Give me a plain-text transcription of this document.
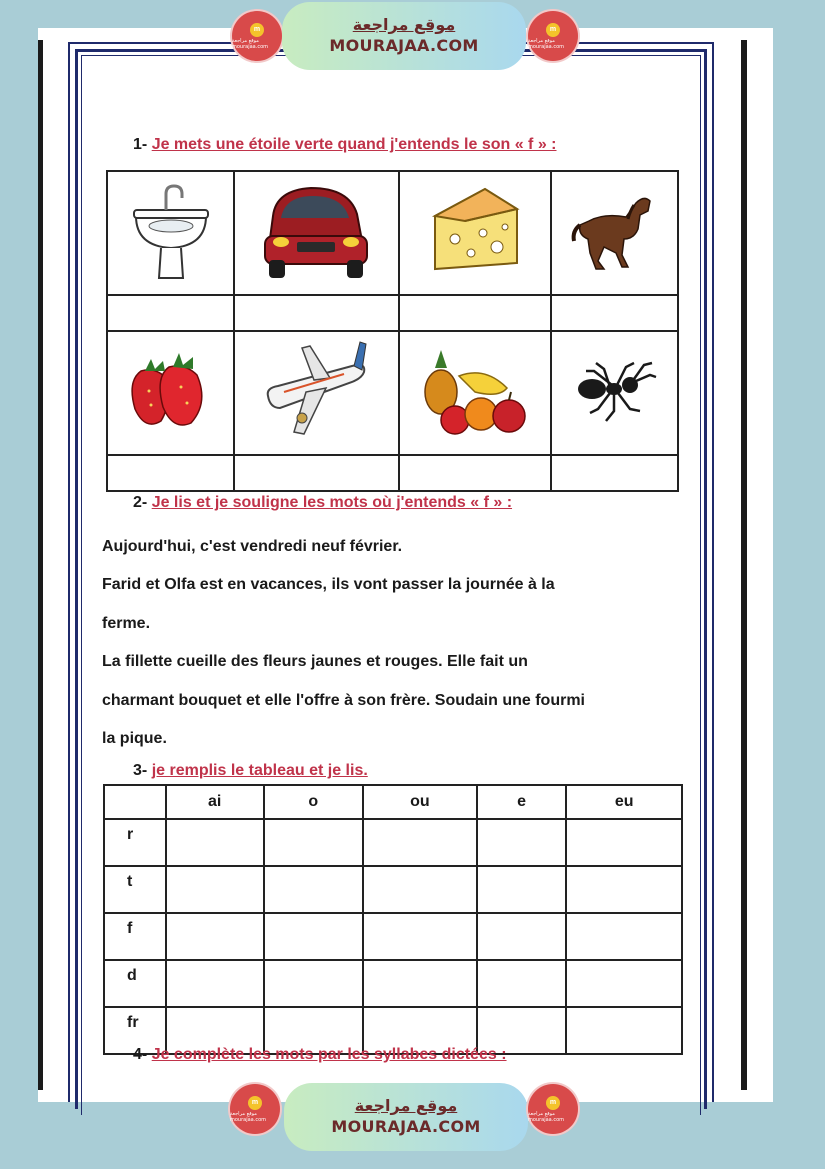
m
موقع مراجعة mourajaa.com
موقع مراجعة
MOURAJAA.COM
m
موقع مراجعة mourajaa.com
1- Je mets une étoile verte quand j'entends le son « f » :

2- Je lis et je souligne les mots où j'entends « f » :

Aujourd'hui, c'est vendredi neuf février.

Farid et Olfa est en vacances, ils vont passer la journée à la

ferme.

La fillette cueille des fleurs jaunes et rouges. Elle fait un

charmant bouquet et elle l'offre à son frère. Soudain une fourmi

la pique.

3- je remplis le tableau et je lis.
	ai	o	ou	e	eu
r					
t					
f					
d					
fr					
4- Je complète les mots par les syllabes dictées :
m
موقع مراجعة mourajaa.com
موقع مراجعة
MOURAJAA.COM
m
موقع مراجعة mourajaa.com
